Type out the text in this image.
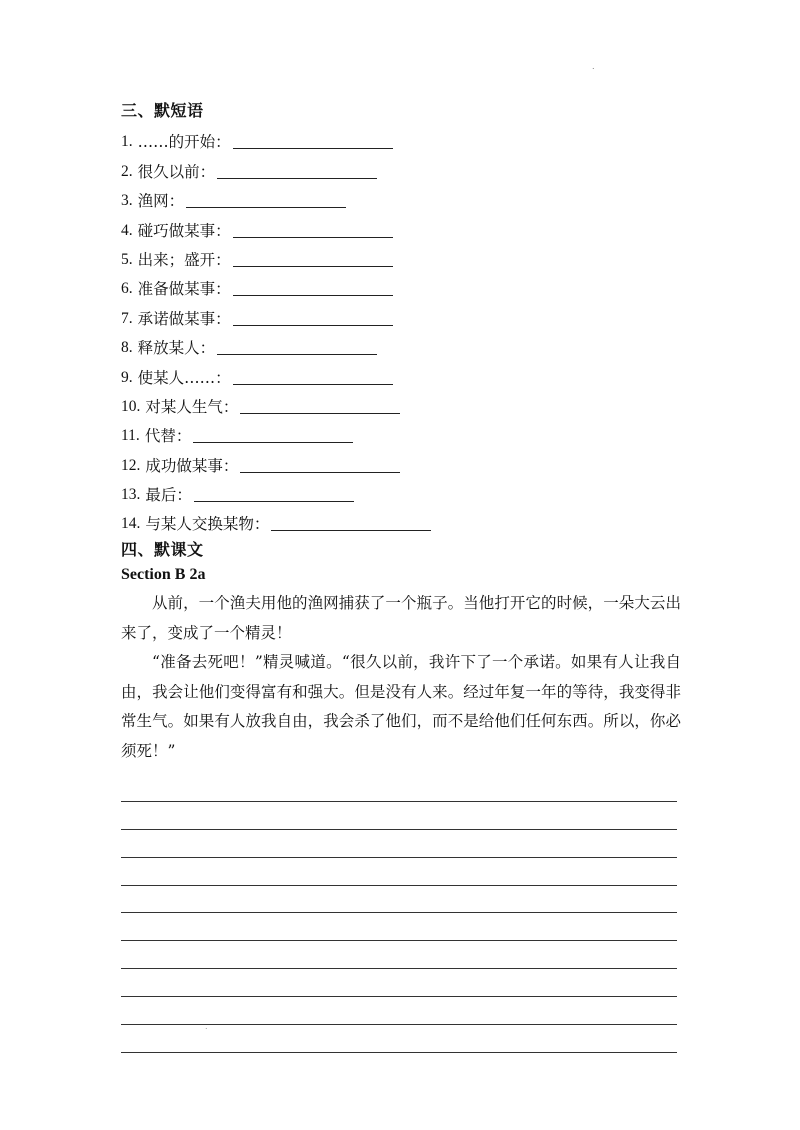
.
三、默短语
1. ……的开始：
2. 很久以前：
3. 渔网：
4. 碰巧做某事：
5. 出来；盛开：
6. 准备做某事：
7. 承诺做某事：
8. 释放某人：
9. 使某人……：
10. 对某人生气：
11. 代替：
12. 成功做某事：
13. 最后：
14. 与某人交换某物：
四、默课文
Section B 2a

从前，一个渔夫用他的渔网捕获了一个瓶子。当他打开它的时候，一朵大云出来了，变成了一个精灵！

“准备去死吧！”精灵喊道。“很久以前，我许下了一个承诺。如果有人让我自由，我会让他们变得富有和强大。但是没有人来。经过年复一年的等待，我变得非常生气。如果有人放我自由，我会杀了他们，而不是给他们任何东西。所以，你必须死！”

.
